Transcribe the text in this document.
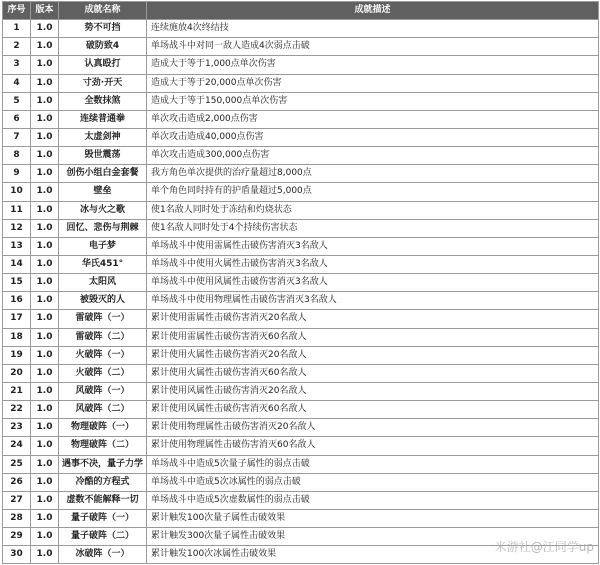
序号	版本	成就名称	成就描述
1	1.0	势不可挡	连续施放4次终结技
2	1.0	破防致4	单场战斗中对同一敌人造成4次弱点击破
3	1.0	认真殴打	造成大于等于1,000点单次伤害
4	1.0	寸劲·开天	造成大于等于20,000点单次伤害
5	1.0	全数抹煞	造成大于等于150,000点单次伤害
6	1.0	连续普通拳	单次攻击造成2,000点伤害
7	1.0	太虚剑神	单次攻击造成40,000点伤害
8	1.0	毁世震荡	单次攻击造成300,000点伤害
9	1.0	创伤小组白金套餐	我方角色单次提供的治疗量超过8,000点
10	1.0	壁垒	单个角色同时持有的护盾量超过5,000点
11	1.0	冰与火之歌	使1名敌人同时处于冻结和灼烧状态
12	1.0	回忆、悲伤与荆棘	使1名敌人同时处于4个持续伤害状态
13	1.0	电子梦	单场战斗中使用雷属性击破伤害消灭3名敌人
14	1.0	华氏451°	单场战斗中使用火属性击破伤害消灭3名敌人
15	1.0	太阳风	单场战斗中使用风属性击破伤害消灭3名敌人
16	1.0	被毁灭的人	单场战斗中使用物理属性击破伤害消灭3名敌人
17	1.0	雷破阵（一）	累计使用雷属性击破伤害消灭20名敌人
18	1.0	雷破阵（二）	累计使用雷属性击破伤害消灭60名敌人
19	1.0	火破阵（一）	累计使用火属性击破伤害消灭20名敌人
20	1.0	火破阵（二）	累计使用火属性击破伤害消灭60名敌人
21	1.0	风破阵（一）	累计使用风属性击破伤害消灭20名敌人
22	1.0	风破阵（二）	累计使用风属性击破伤害消灭60名敌人
23	1.0	物理破阵（一）	累计使用物理属性击破伤害消灭20名敌人
24	1.0	物理破阵（二）	累计使用物理属性击破伤害消灭60名敌人
25	1.0	遇事不决，量子力学	单场战斗中造成5次量子属性的弱点击破
26	1.0	冷酷的方程式	单场战斗中造成5次冰属性的弱点击破
27	1.0	虚数不能解释一切	单场战斗中造成5次虚数属性的弱点击破
28	1.0	量子破阵（一）	累计触发100次量子属性击破效果
29	1.0	量子破阵（二）	累计触发300次量子属性击破效果
30	1.0	冰破阵（一）	累计触发100次冰属性击破效果
米游社@江同学up
